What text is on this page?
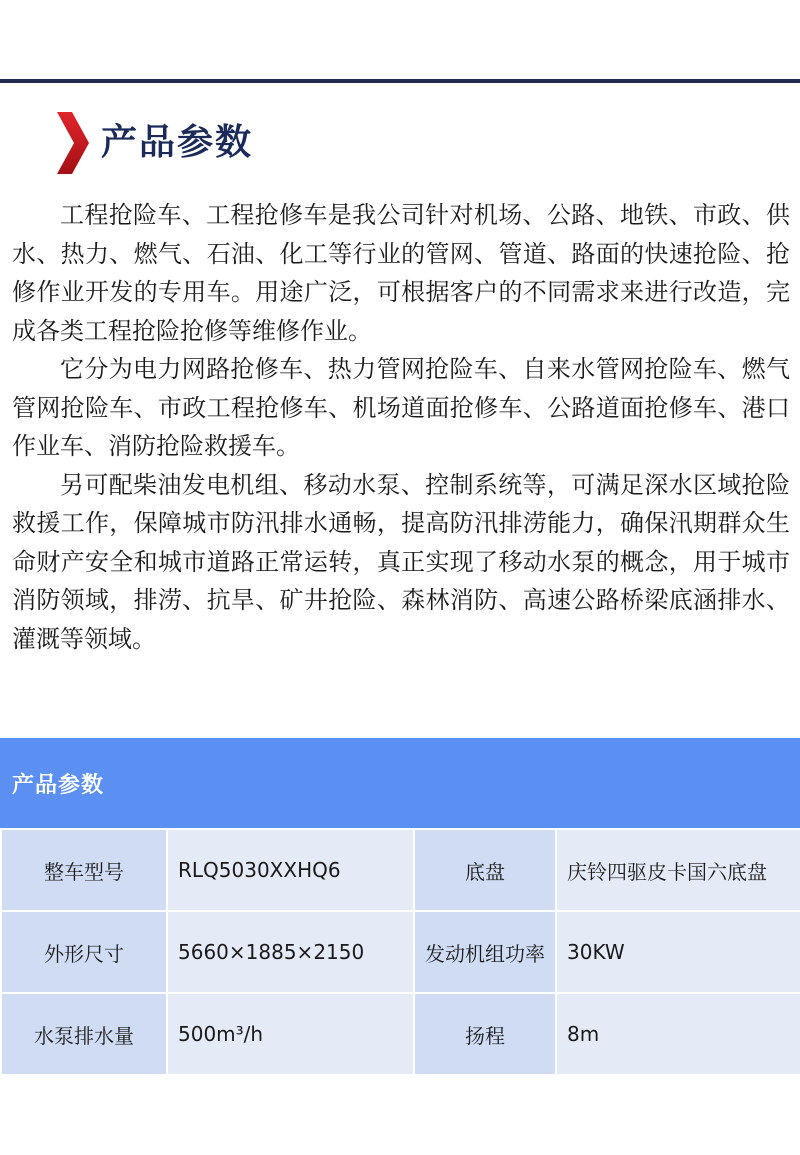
产品参数

工程抢险车、工程抢修车是我公司针对机场、公路、地铁、市政、供水、热力、燃气、石油、化工等行业的管网、管道、路面的快速抢险、抢修作业开发的专用车。用途广泛，可根据客户的不同需求来进行改造，完成各类工程抢险抢修等维修作业。

它分为电力网路抢修车、热力管网抢险车、自来水管网抢险车、燃气管网抢险车、市政工程抢修车、机场道面抢修车、公路道面抢修车、港口作业车、消防抢险救援车。

另可配柴油发电机组、移动水泵、控制系统等，可满足深水区域抢险救援工作，保障城市防汛排水通畅，提高防汛排涝能力，确保汛期群众生命财产安全和城市道路正常运转，真正实现了移动水泵的概念，用于城市消防领域，排涝、抗旱、矿井抢险、森林消防、高速公路桥梁底涵排水、灌溉等领域。

产品参数
整车型号	RLQ5030XXHQ6	底盘	庆铃四驱皮卡国六底盘
外形尺寸	5660×1885×2150	发动机组功率	30KW
水泵排水量	500m³/h	扬程	8m
